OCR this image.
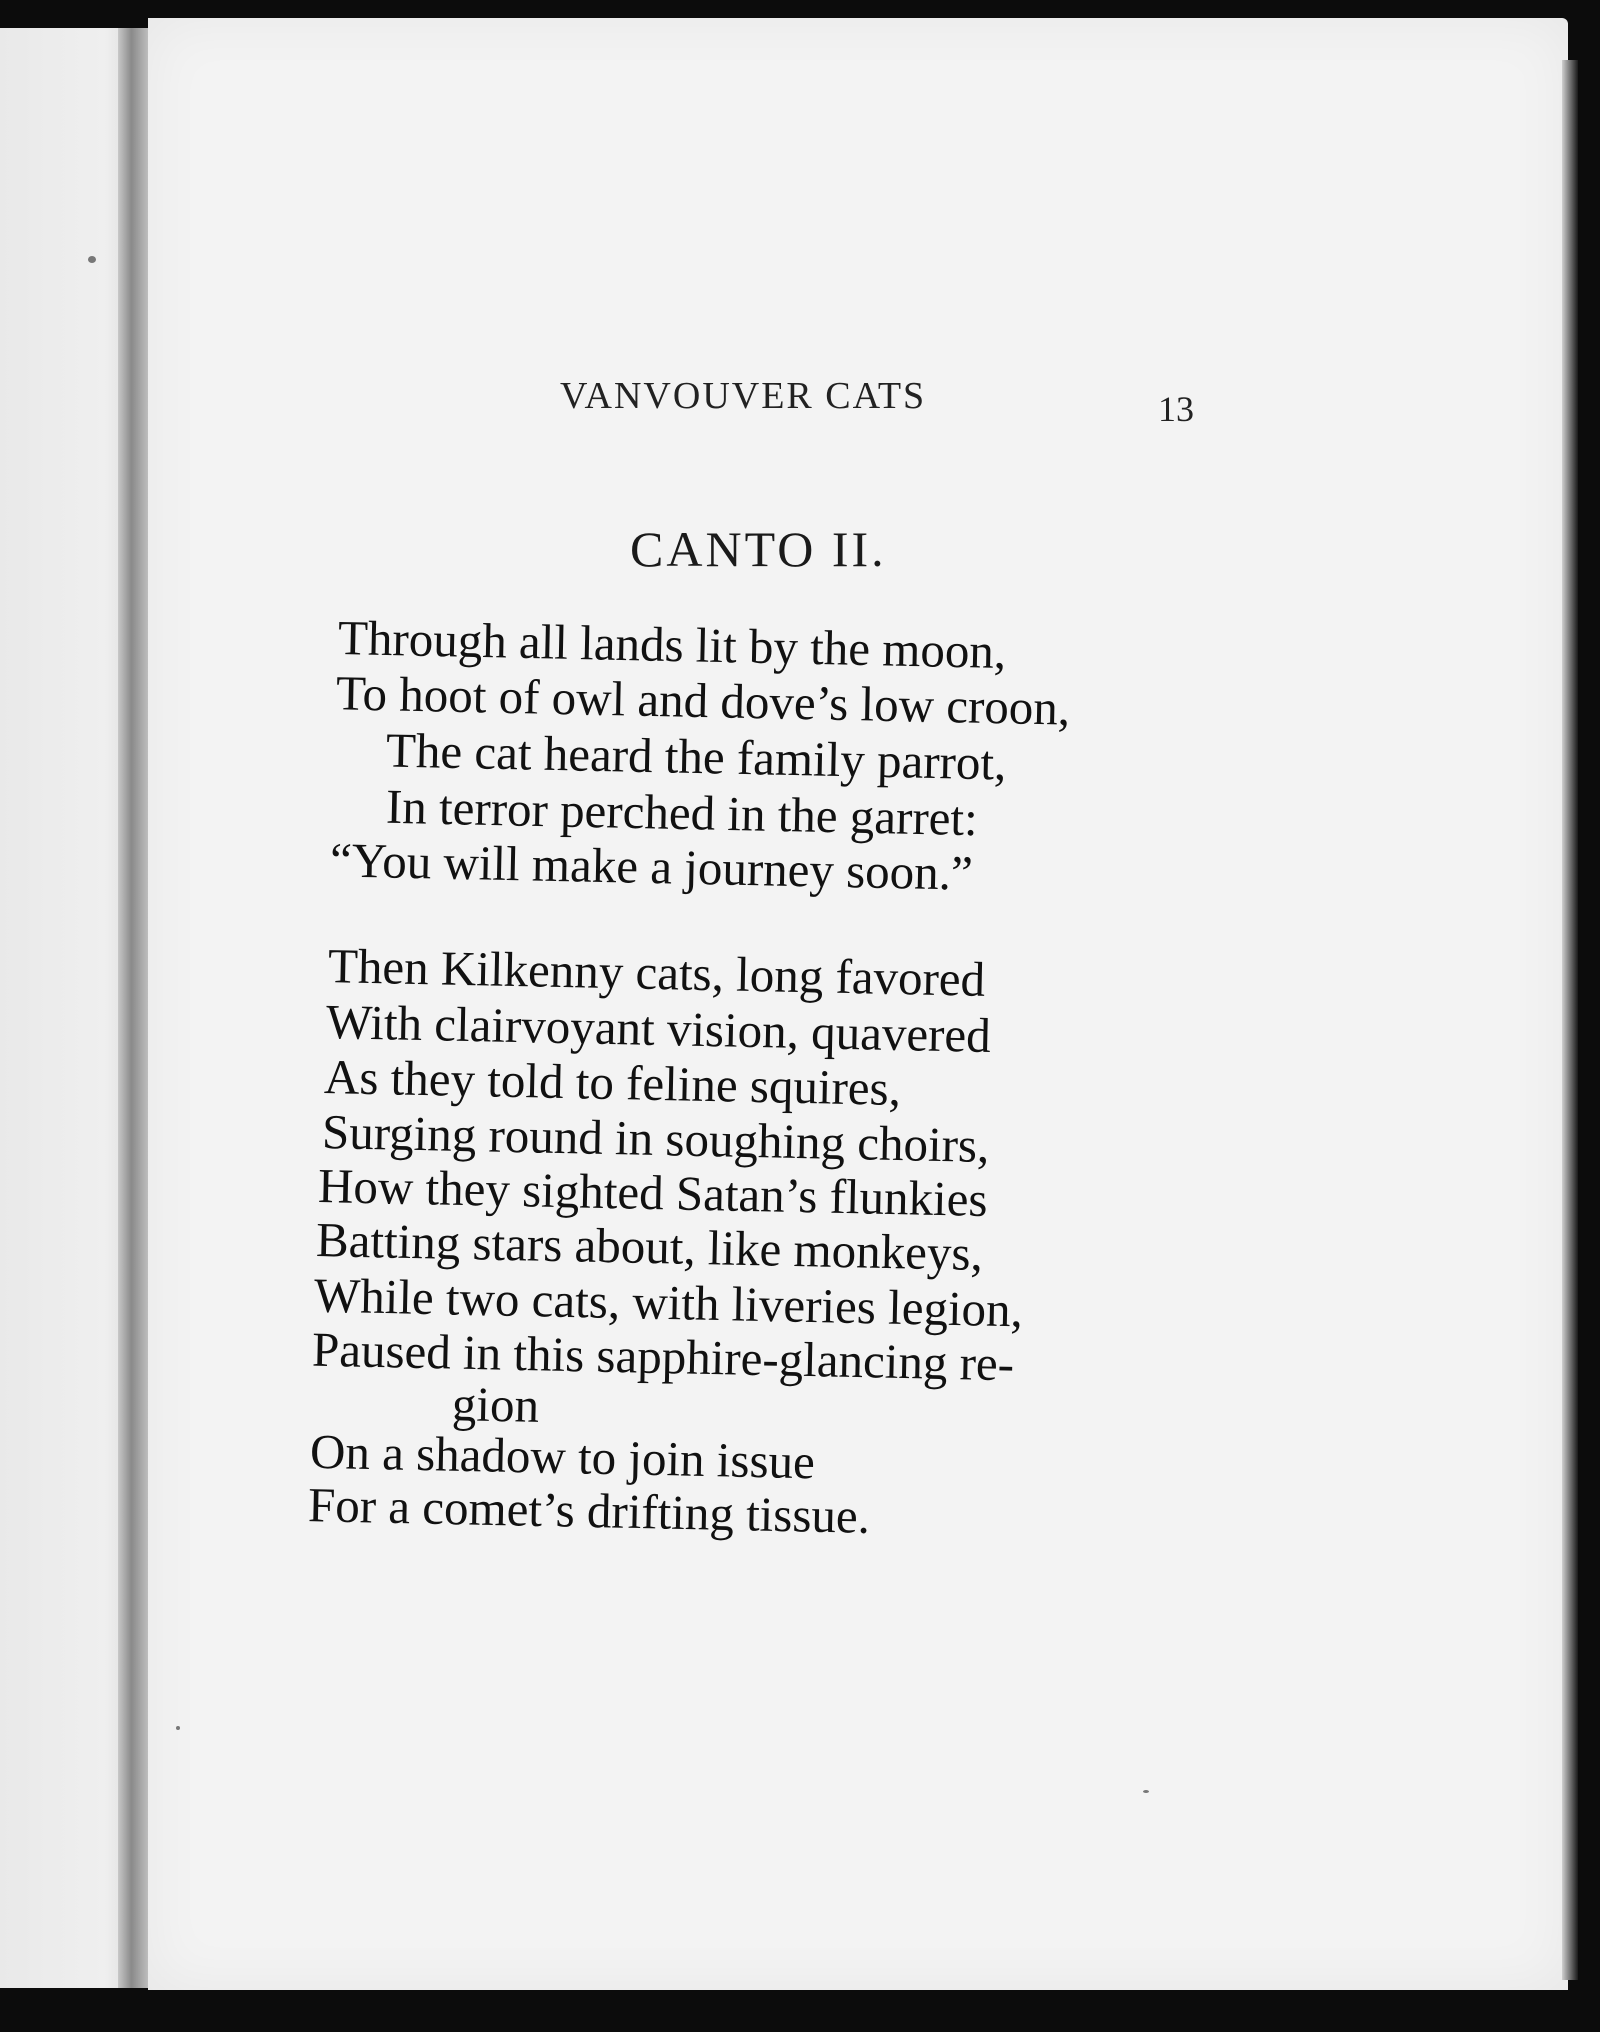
VANVOUVER CATS	13
CANTO II.
Through all lands lit by the moon,
To hoot of owl and dove’s low croon,
The cat heard the family parrot,
In terror perched in the garret:
“You will make a journey soon.”
Then Kilkenny cats, long favored
With clairvoyant vision, quavered
As they told to feline squires,
Surging round in soughing choirs,
How they sighted Satan’s flunkies
Batting stars about, like monkeys,
While two cats, with liveries legion,
Paused in this sapphire-glancing re-
gion
On a shadow to join issue
For a comet’s drifting tissue.
